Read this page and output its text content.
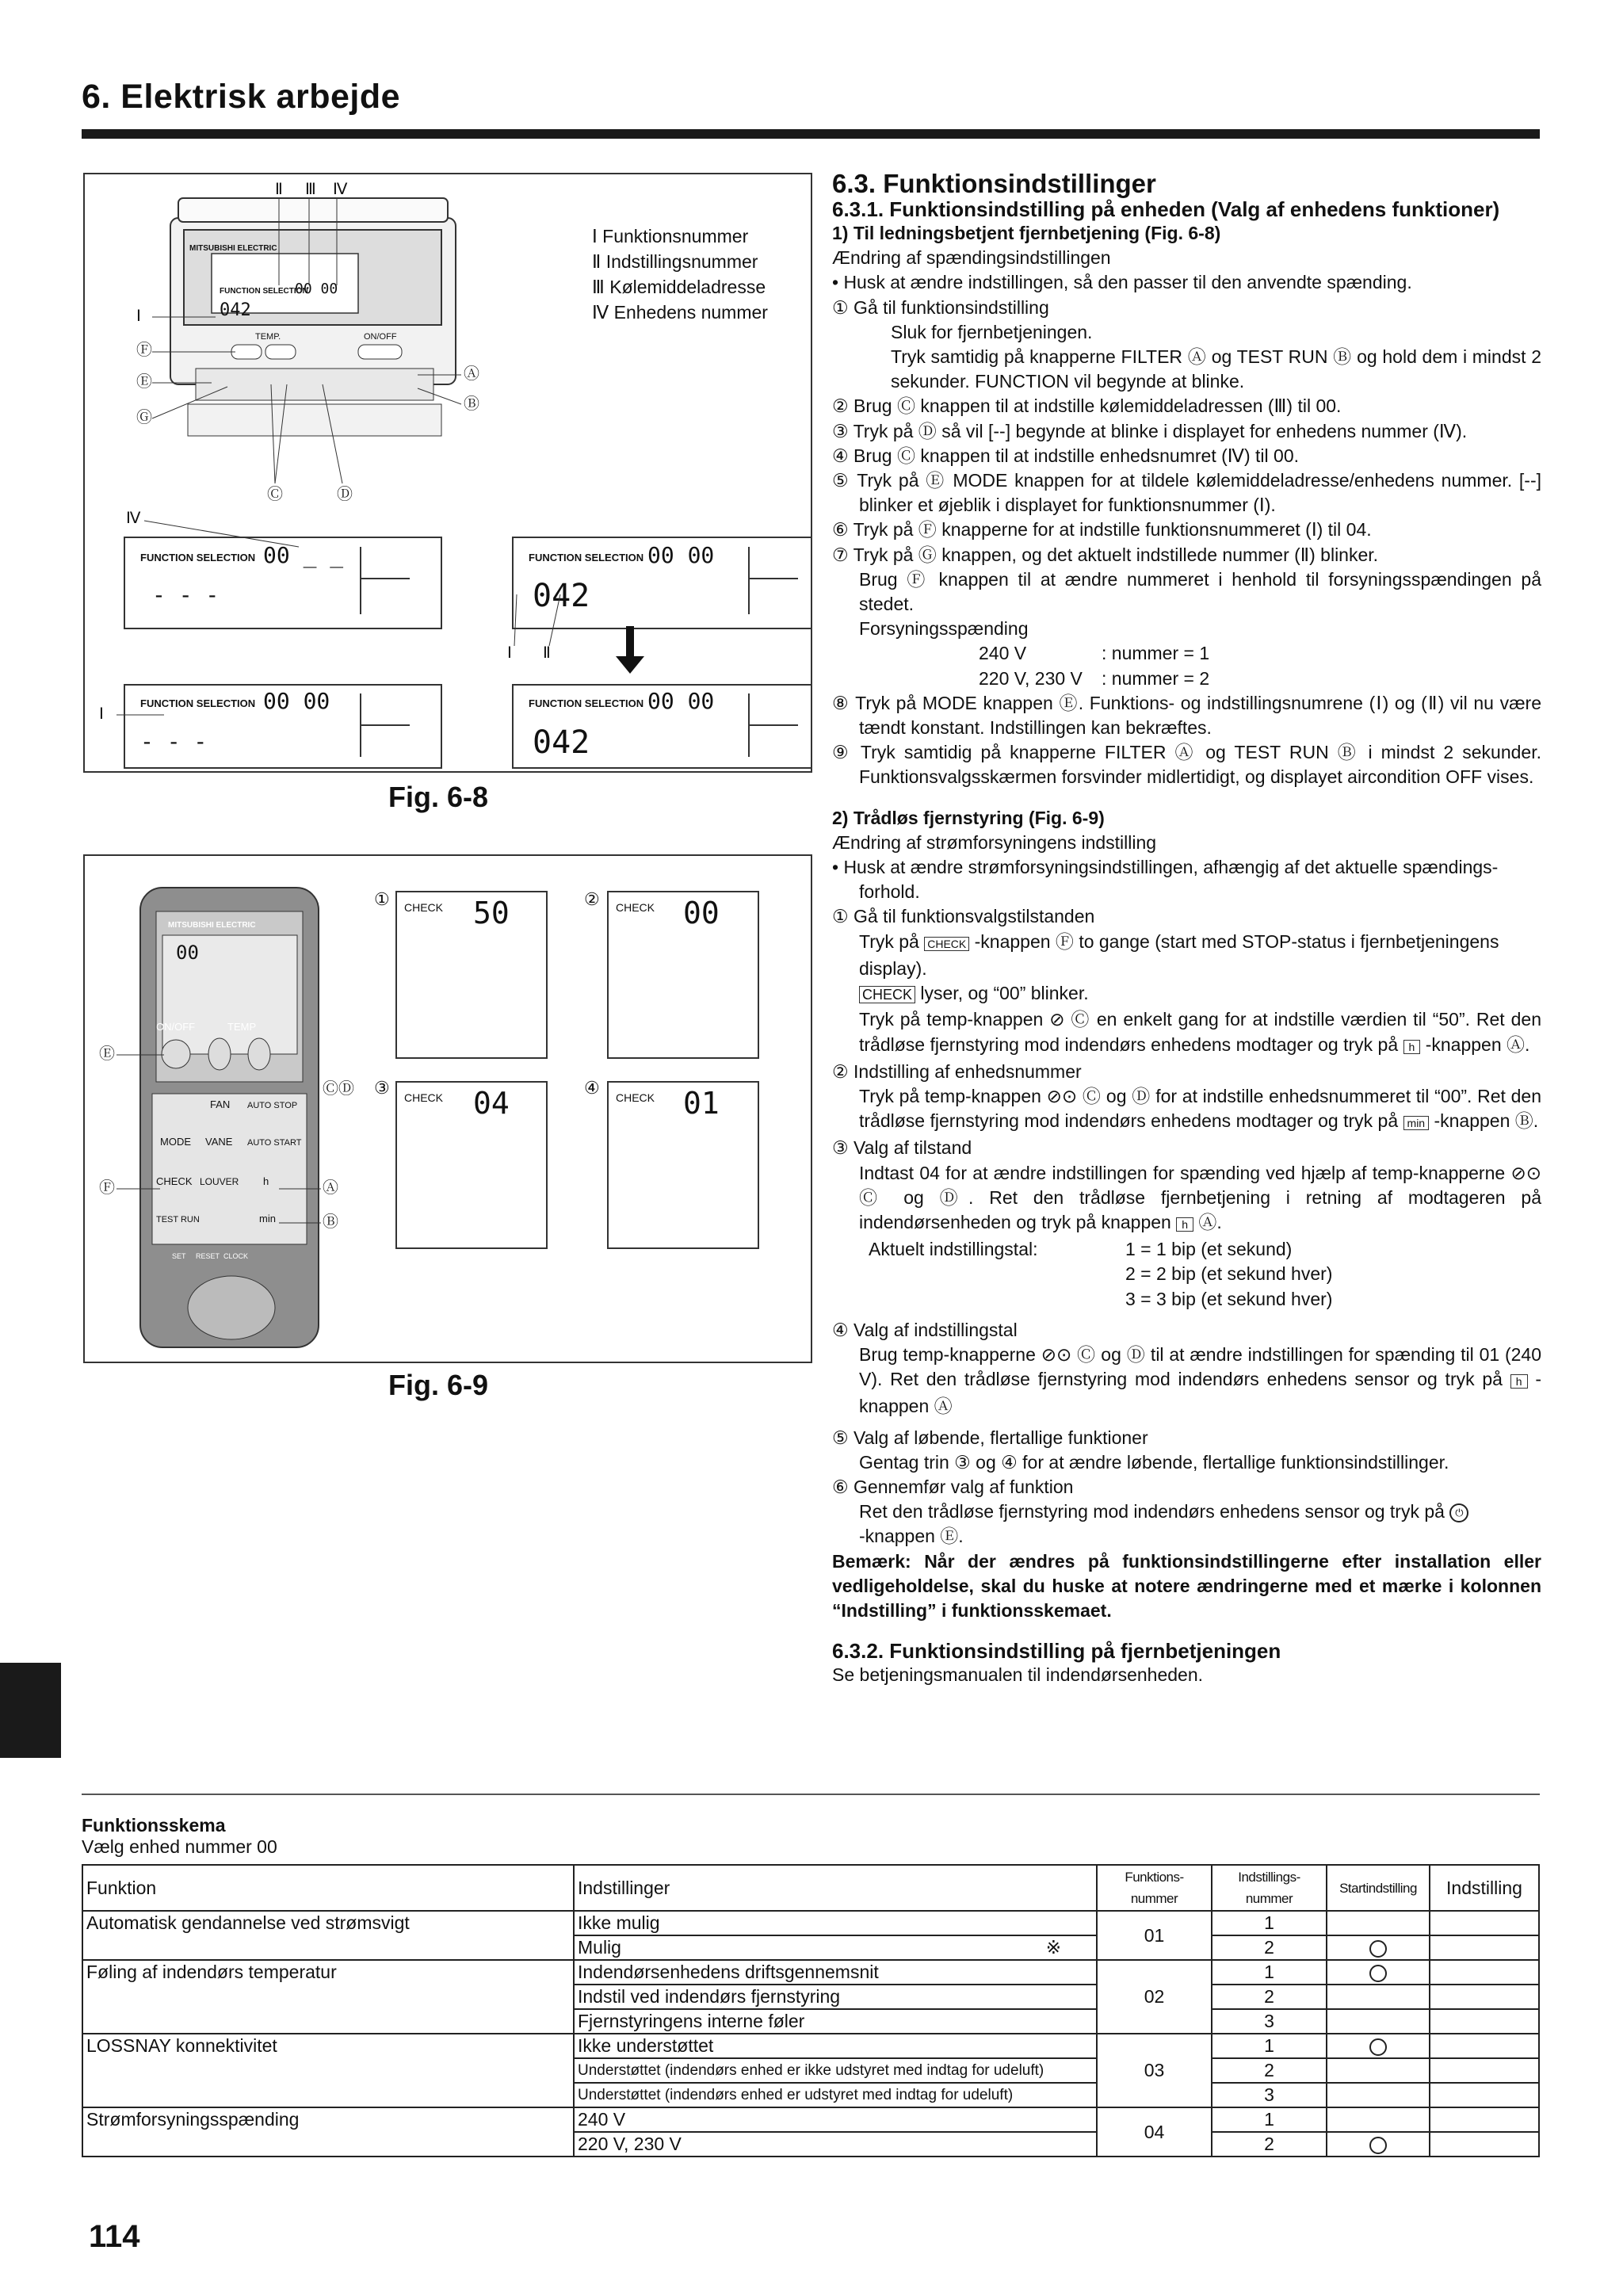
6. Elektrisk arbejde
114
MITSUBISHI ELECTRIC
FUNCTION SELECTION
00 00
042
TEMP.	ON/OFF
Ⅱ Ⅲ Ⅳ
Ⅰ
Ⓕ
Ⓔ
Ⓖ
Ⓐ
Ⓑ
Ⓒ	Ⓓ
Ⅰ Funktionsnummer
Ⅱ Indstillingsnummer
Ⅲ Kølemiddeladresse
Ⅳ Enhedens nummer
FUNCTION SELECTION 00 _ _
- - -
FUNCTION SELECTION 00 00
042
FUNCTION SELECTION 00 00
- - -
FUNCTION SELECTION 00 00
042
Ⅳ
Ⅰ
Ⅰ Ⅱ
Fig. 6-8
MITSUBISHI ELECTRIC
00
ON/OFF	TEMP
FAN AUTO STOP
MODE VANE AUTO START
CHECK LOUVER h
TEST RUN	min
SET RESET CLOCK
Ⓔ
Ⓕ
ⒸⒹ
Ⓐ
Ⓑ
① CHECK 50	② CHECK 00
③ CHECK 04	④ CHECK 01
Fig. 6-9

6.3. Funktionsindstillinger

6.3.1. Funktionsindstilling på enheden (Valg af enhedens funktioner)

1) Til ledningsbetjent fjernbetjening (Fig. 6-8)

Ændring af spændingsindstillingen

• Husk at ændre indstillingen, så den passer til den anvendte spænding.

① Gå til funktionsindstilling

Sluk for fjernbetjeningen.

Tryk samtidig på knapperne FILTER Ⓐ og TEST RUN Ⓑ og hold dem i mindst 2 sekunder. FUNCTION vil begynde at blinke.

② Brug Ⓒ knappen til at indstille kølemiddeladressen (Ⅲ) til 00.

③ Tryk på Ⓓ så vil [--] begynde at blinke i displayet for enhedens nummer (Ⅳ).

④ Brug Ⓒ knappen til at indstille enhedsnumret (Ⅳ) til 00.

⑤ Tryk på Ⓔ MODE knappen for at tildele kølemiddeladresse/enhedens nummer. [--] blinker et øjeblik i displayet for funktionsnummer (Ⅰ).

⑥ Tryk på Ⓕ knapperne for at indstille funktionsnummeret (Ⅰ) til 04.

⑦ Tryk på Ⓖ knappen, og det aktuelt indstillede nummer (Ⅱ) blinker.

Brug Ⓕ knappen til at ændre nummeret i henhold til forsyningsspændingen på stedet.

Forsyningsspænding

240 V	: nummer = 1

220 V, 230 V : nummer = 2

⑧ Tryk på MODE knappen Ⓔ. Funktions- og indstillingsnumrene (Ⅰ) og (Ⅱ) vil nu være tændt konstant. Indstillingen kan bekræftes.

⑨ Tryk samtidig på knapperne FILTER Ⓐ og TEST RUN Ⓑ i mindst 2 sekunder. Funktionsvalgsskærmen forsvinder midlertidigt, og displayet aircondition OFF vises.

2) Trådløs fjernstyring (Fig. 6-9)

Ændring af strømforsyningens indstilling

• Husk at ændre strømforsyningsindstillingen, afhængig af det aktuelle spændings-forhold.

① Gå til funktionsvalgstilstanden

Tryk på CHECK -knappen Ⓕ to gange (start med STOP-status i fjernbetjeningens display).

CHECK lyser, og “00” blinker.

Tryk på temp-knappen ⊘ Ⓒ en enkelt gang for at indstille værdien til “50”. Ret den trådløse fjernstyring mod indendørs enhedens modtager og tryk på h -knappen Ⓐ.

② Indstilling af enhedsnummer

Tryk på temp-knappen ⊘⊙ Ⓒ og Ⓓ for at indstille enhedsnummeret til “00”. Ret den trådløse fjernstyring mod indendørs enhedens modtager og tryk på min -knappen Ⓑ.

③ Valg af tilstand

Indtast 04 for at ændre indstillingen for spænding ved hjælp af temp-knapperne ⊘⊙ Ⓒ og Ⓓ. Ret den trådløse fjernbetjening i retning af modtageren på indendørsenheden og tryk på knappen h Ⓐ.

Aktuelt indstillingstal:	1 = 1 bip (et sekund)

2 = 2 bip (et sekund hver)

3 = 3 bip (et sekund hver)

④ Valg af indstillingstal

Brug temp-knapperne ⊘⊙ Ⓒ og Ⓓ til at ændre indstillingen for spænding til 01 (240 V). Ret den trådløse fjernstyring mod indendørs enhedens sensor og tryk på h -knappen Ⓐ

⑤ Valg af løbende, flertallige funktioner

Gentag trin ③ og ④ for at ændre løbende, flertallige funktionsindstillinger.

⑥ Gennemfør valg af funktion

Ret den trådløse fjernstyring mod indendørs enhedens sensor og tryk på ⏻

-knappen Ⓔ.

Bemærk: Når der ændres på funktionsindstillingerne efter installation eller vedligeholdelse, skal du huske at notere ændringerne med et mærke i kolonnen “Indstilling” i funktionsskemaet.

6.3.2. Funktionsindstilling på fjernbetjeningen

Se betjeningsmanualen til indendørsenheden.

Funktionsskema

Vælg enhed nummer 00

Funktion	Indstillinger	Funktions- nummer	Indstillings-nummer	Startindstilling	Indstilling
Automatisk gendannelse ved strømsvigt	Ikke mulig	01	1		
	Mulig ※		2		
Føling af indendørs temperatur	Indendørsenhedens driftsgennemsnit	02	1		
	Indstil ved indendørs fjernstyring		2		
	Fjernstyringens interne føler		3		
LOSSNAY konnektivitet	Ikke understøttet	03	1		
	Understøttet (indendørs enhed er ikke udstyret med indtag for udeluft)		2		
	Understøttet (indendørs enhed er udstyret med indtag for udeluft)		3		
Strømforsyningsspænding	240 V	04	1		
	220 V, 230 V		2		
